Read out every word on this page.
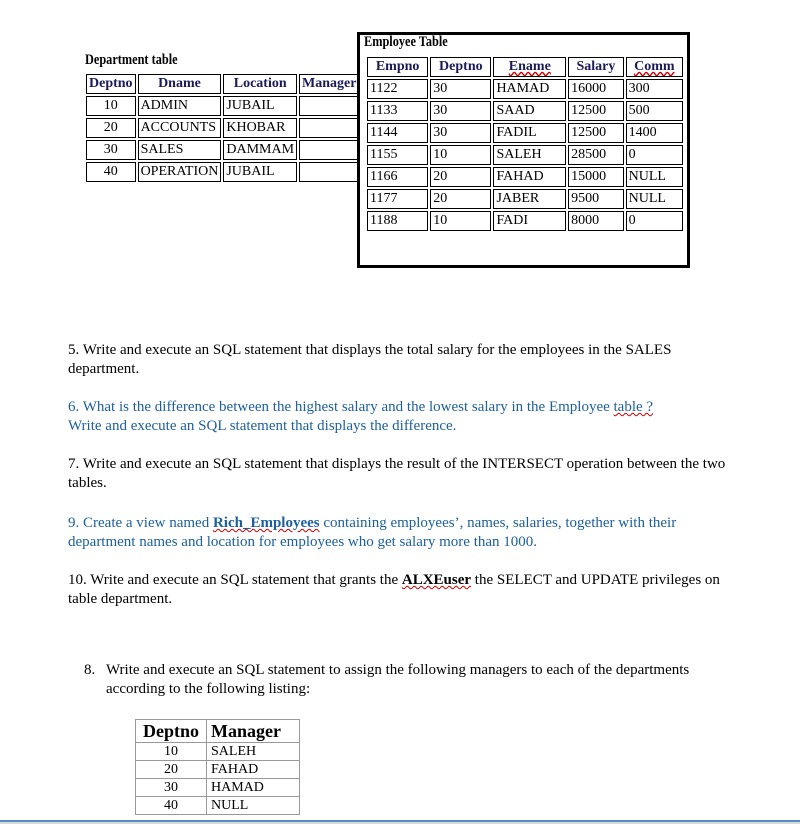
Department table
Deptno	Dname	Location	Manager
10	ADMIN	JUBAIL	
20	ACCOUNTS	KHOBAR	
30	SALES	DAMMAM	
40	OPERATION	JUBAIL	
Employee Table
Empno	Deptno	Ename	Salary	Comm
1122	30	HAMAD	16000	300
1133	30	SAAD	12500	500
1144	30	FADIL	12500	1400
1155	10	SALEH	28500	0
1166	20	FAHAD	15000	NULL
1177	20	JABER	9500	NULL
1188	10	FADI	8000	0
5. Write and execute an SQL statement that displays the total salary for the employees in the SALES department.
6. What is the difference between the highest salary and the lowest salary in the Employee table ?
Write and execute an SQL statement that displays the difference.
7. Write and execute an SQL statement that displays the result of the INTERSECT operation between the two tables.
9. Create a view named Rich_Employees containing employees’, names, salaries, together with their department names and location for employees who get salary more than 1000.
10. Write and execute an SQL statement that grants the ALXEuser the SELECT and UPDATE privileges on table department.
8. Write and execute an SQL statement to assign the following managers to each of the departments according to the following listing:
Deptno	Manager
10	SALEH
20	FAHAD
30	HAMAD
40	NULL
